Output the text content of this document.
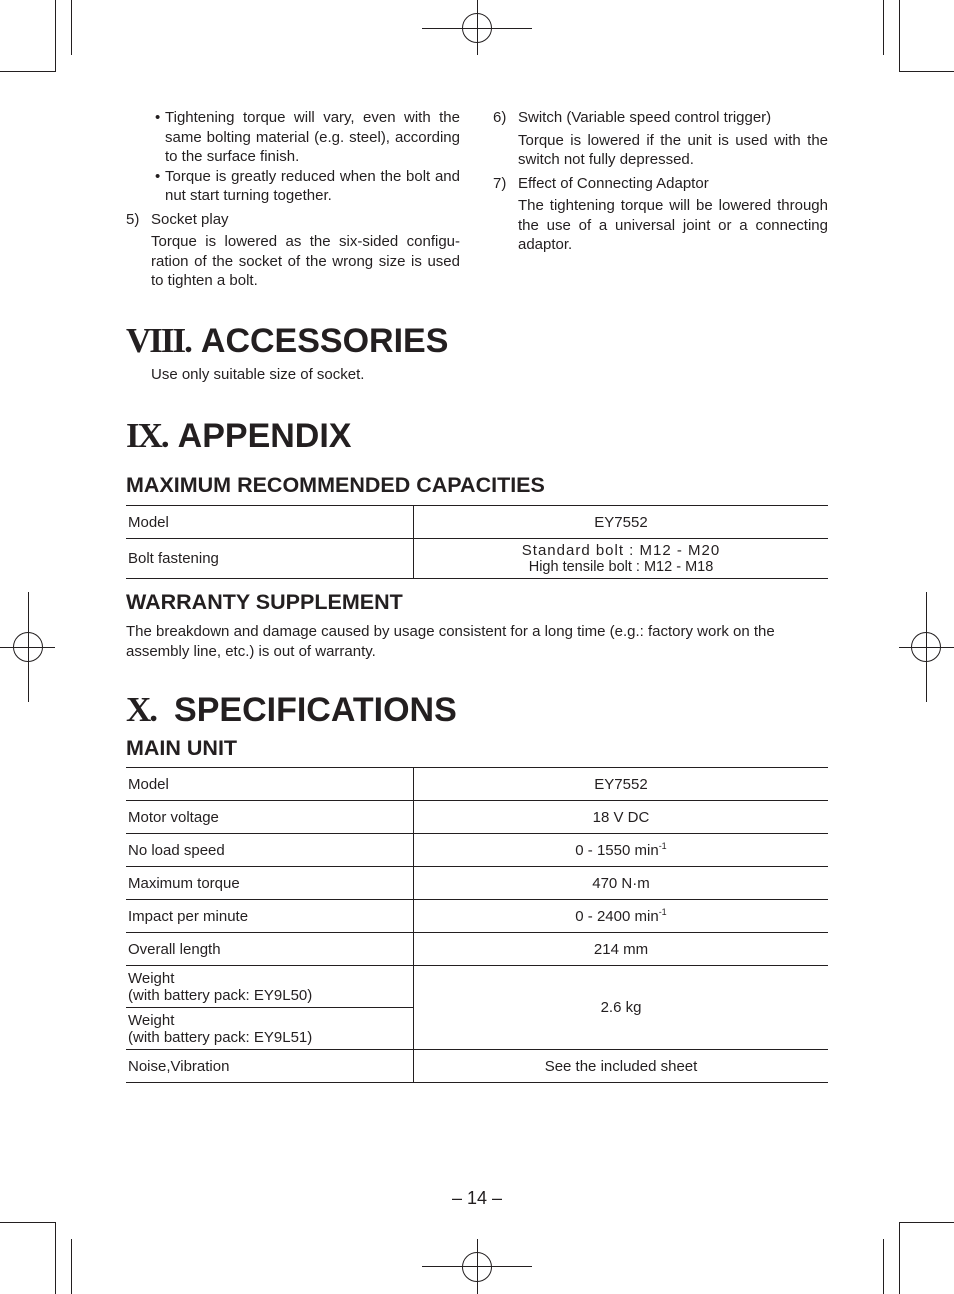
• Tightening torque will vary, even with the same bolting material (e.g. steel), according to the surface finish.

• Torque is greatly reduced when the bolt and nut start turning together.

5) Socket play

Torque is lowered as the six-sided configu-ration of the socket of the wrong size is used to tighten a bolt.

6) Switch (Variable speed control trigger)

Torque is lowered if the unit is used with the switch not fully depressed.

7) Effect of Connecting Adaptor

The tightening torque will be lowered through the use of a universal joint or a connecting adaptor.

VIII. ACCESSORIES
Use only suitable size of socket.
IX. APPENDIX
MAXIMUM RECOMMENDED CAPACITIES
Model	EY7552
Bolt fastening	Standard bolt : M12 - M20
High tensile bolt : M12 - M18
WARRANTY SUPPLEMENT
The breakdown and damage caused by usage consistent for a long time (e.g.: factory work on the assembly line, etc.) is out of warranty.
X. SPECIFICATIONS
MAIN UNIT
Model	EY7552
Motor voltage	18 V DC
No load speed	0 - 1550 $\min^{-1}$
Maximum torque	470 N·m
Impact per minute	0 - 2400 $\min^{-1}$
Overall length	214 mm

Weight
(with battery pack: EY9L50)	2.6 kg

Weight
(with battery pack: EY9L51)	

Noise,Vibration	See the included sheet
– 14 –
